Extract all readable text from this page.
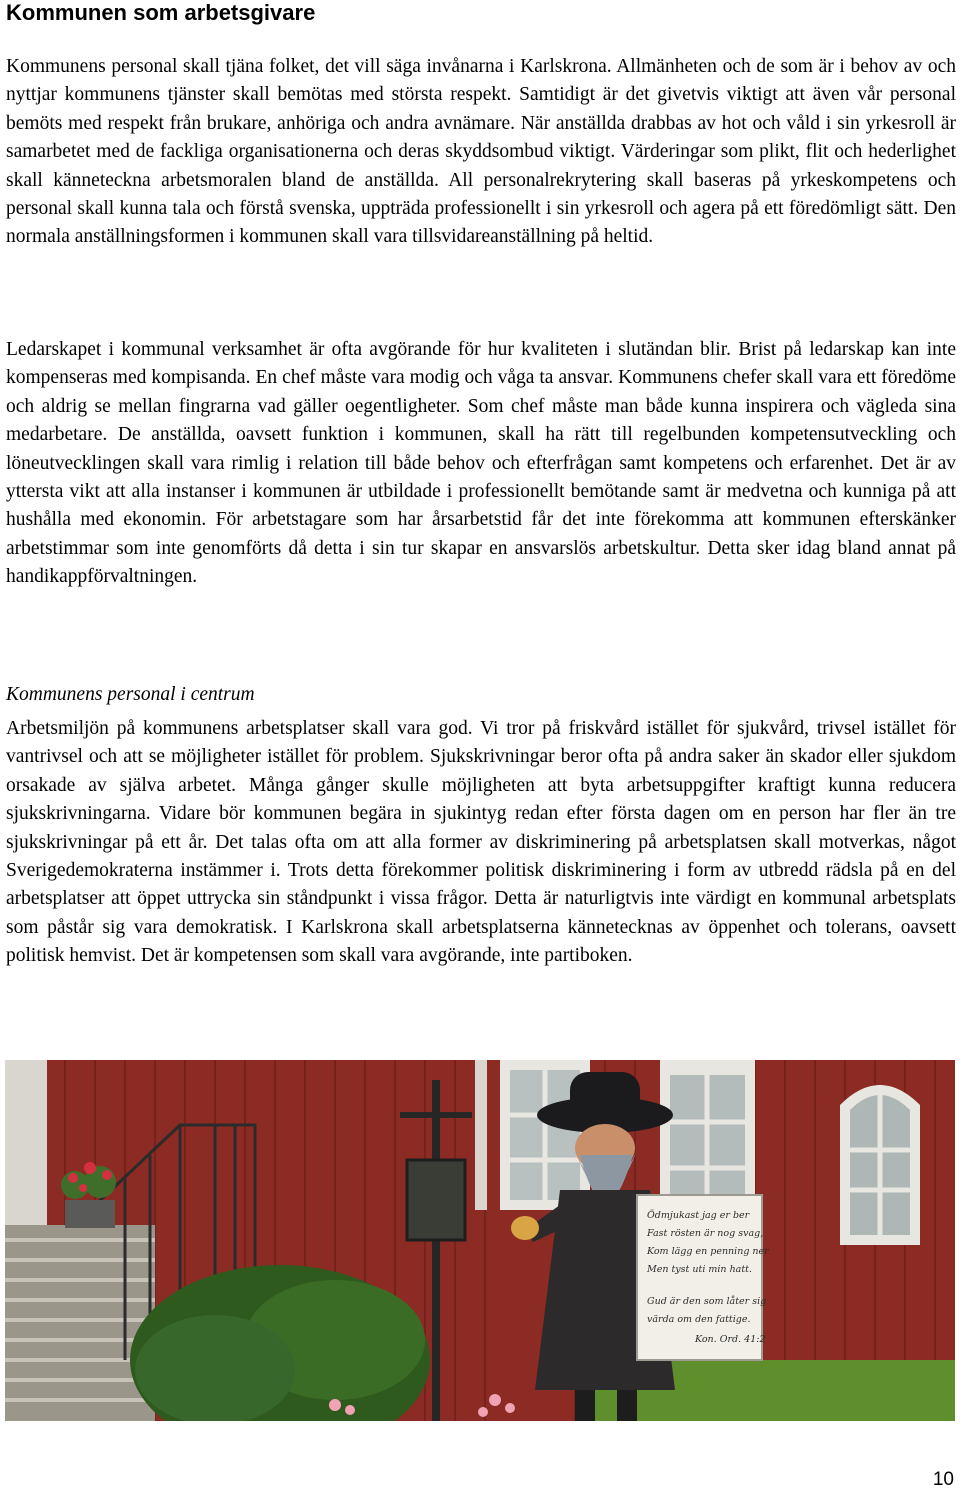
Kommunen som arbetsgivare

Kommunens personal skall tjäna folket, det vill säga invånarna i Karlskrona. Allmänheten och de som är i behov av och nyttjar kommunens tjänster skall bemötas med största respekt. Samtidigt är det givetvis viktigt att även vår personal bemöts med respekt från brukare, anhöriga och andra avnämare. När anställda drabbas av hot och våld i sin yrkesroll är samarbetet med de fackliga organisationerna och deras skyddsombud viktigt. Värderingar som plikt, flit och hederlighet skall känneteckna arbetsmoralen bland de anställda. All personalrekrytering skall baseras på yrkeskompetens och personal skall kunna tala och förstå svenska, uppträda professionellt i sin yrkesroll och agera på ett föredömligt sätt. Den normala anställningsformen i kommunen skall vara tillsvidareanställning på heltid.

Ledarskapet i kommunal verksamhet är ofta avgörande för hur kvaliteten i slutändan blir. Brist på ledarskap kan inte kompenseras med kompisanda. En chef måste vara modig och våga ta ansvar. Kommunens chefer skall vara ett föredöme och aldrig se mellan fingrarna vad gäller oegentligheter. Som chef måste man både kunna inspirera och vägleda sina medarbetare. De anställda, oavsett funktion i kommunen, skall ha rätt till regelbunden kompetensutveckling och löneutvecklingen skall vara rimlig i relation till både behov och efterfrågan samt kompetens och erfarenhet. Det är av yttersta vikt att alla instanser i kommunen är utbildade i professionellt bemötande samt är medvetna och kunniga på att hushålla med ekonomin. För arbetstagare som har årsarbetstid får det inte förekomma att kommunen efterskänker arbetstimmar som inte genomförts då detta i sin tur skapar en ansvarslös arbetskultur. Detta sker idag bland annat på handikappförvaltningen.

Kommunens personal i centrum

Arbetsmiljön på kommunens arbetsplatser skall vara god. Vi tror på friskvård istället för sjukvård, trivsel istället för vantrivsel och att se möjligheter istället för problem. Sjukskrivningar beror ofta på andra saker än skador eller sjukdom orsakade av själva arbetet. Många gånger skulle möjligheten att byta arbetsuppgifter kraftigt kunna reducera sjukskrivningarna. Vidare bör kommunen begära in sjukintyg redan efter första dagen om en person har fler än tre sjukskrivningar på ett år. Det talas ofta om att alla former av diskriminering på arbetsplatsen skall motverkas, något Sverigedemokraterna instämmer i. Trots detta förekommer politisk diskriminering i form av utbredd rädsla på en del arbetsplatser att öppet uttrycka sin ståndpunkt i vissa frågor. Detta är naturligtvis inte värdigt en kommunal arbetsplats som påstår sig vara demokratisk. I Karlskrona skall arbetsplatserna kännetecknas av öppenhet och tolerans, oavsett politisk hemvist. Det är kompetensen som skall vara avgörande, inte partiboken.

Ödmjukast jag er ber
Fast rösten är nog svag,
Kom lägg en penning ner
Men tyst uti min hatt.
Gud är den som låter sig
värda om den fattige.
Kon. Ord. 41:2
10
